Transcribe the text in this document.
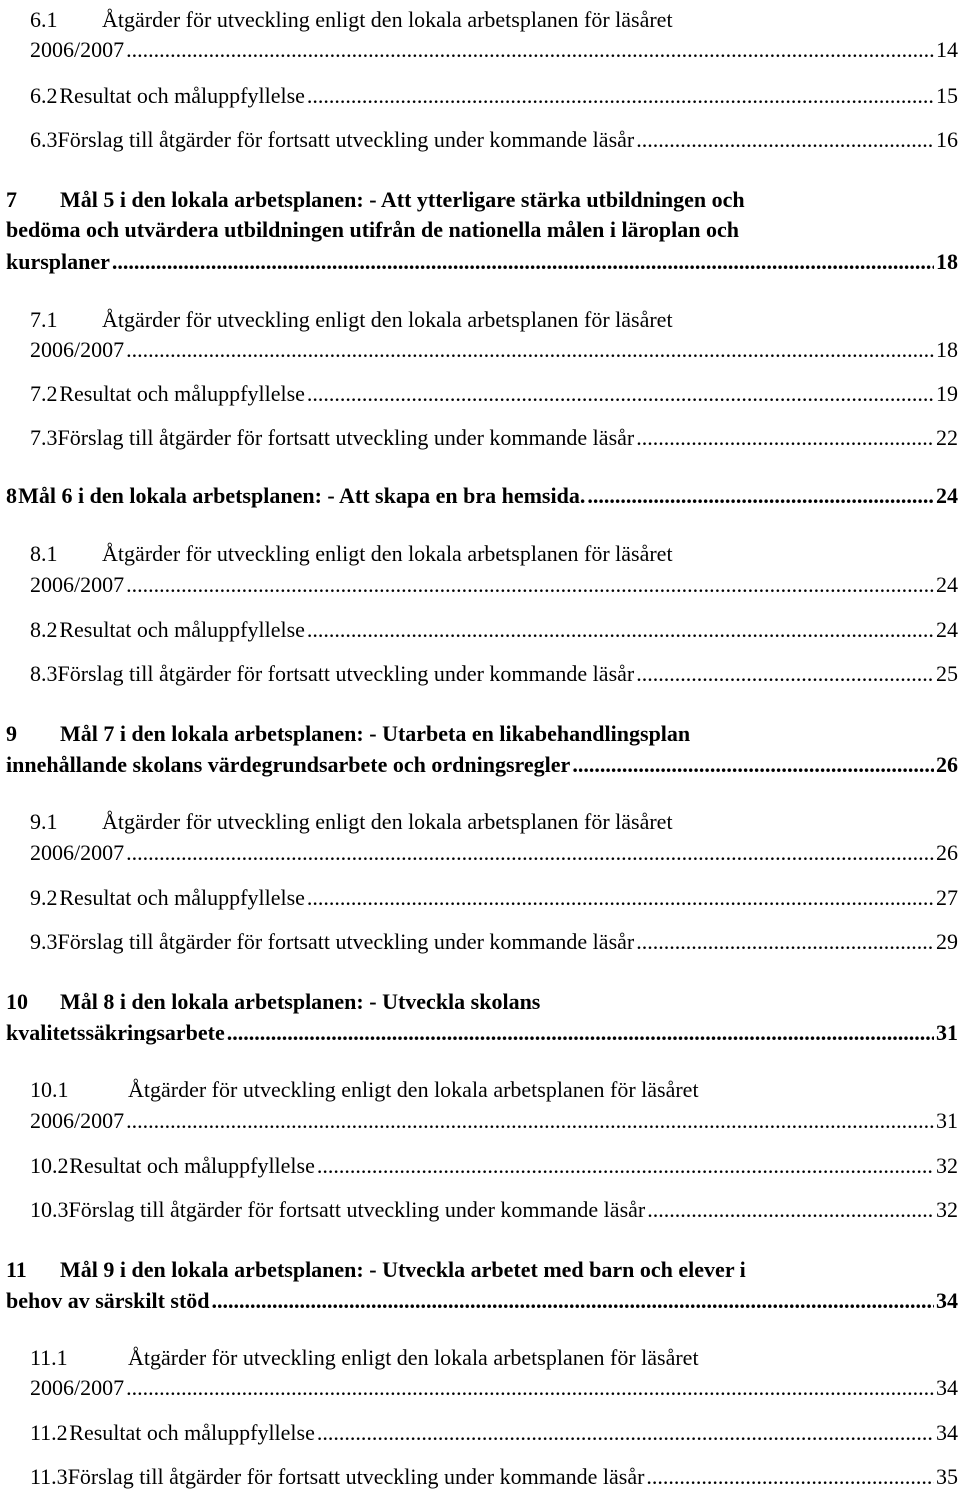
6.1	Åtgärder för utveckling enligt den lokala arbetsplanen för läsåret
2006/2007 .....	14
6.2 Resultat och måluppfyllelse .....	15
6.3 Förslag till åtgärder för fortsatt utveckling under kommande läsår .....	16
7	Mål 5 i den lokala arbetsplanen: - Att ytterligare stärka utbildningen och
bedöma och utvärdera utbildningen utifrån de nationella målen i läroplan och
kursplaner .....	18
7.1	Åtgärder för utveckling enligt den lokala arbetsplanen för läsåret
2006/2007 .....	18
7.2 Resultat och måluppfyllelse .....	19
7.3 Förslag till åtgärder för fortsatt utveckling under kommande läsår .....	22
8 Mål 6 i den lokala arbetsplanen: - Att skapa en bra hemsida. .....	24
8.1	Åtgärder för utveckling enligt den lokala arbetsplanen för läsåret
2006/2007 .....	24
8.2 Resultat och måluppfyllelse .....	24
8.3 Förslag till åtgärder för fortsatt utveckling under kommande läsår .....	25
9	Mål 7 i den lokala arbetsplanen: - Utarbeta en likabehandlingsplan
innehållande skolans värdegrundsarbete och ordningsregler .....	26
9.1	Åtgärder för utveckling enligt den lokala arbetsplanen för läsåret
2006/2007 .....	26
9.2 Resultat och måluppfyllelse .....	27
9.3 Förslag till åtgärder för fortsatt utveckling under kommande läsår .....	29
10	Mål 8 i den lokala arbetsplanen: - Utveckla skolans
kvalitetssäkringsarbete .....	31
10.1	Åtgärder för utveckling enligt den lokala arbetsplanen för läsåret
2006/2007 .....	31
10.2 Resultat och måluppfyllelse .....	32
10.3 Förslag till åtgärder för fortsatt utveckling under kommande läsår .....	32
11	Mål 9 i den lokala arbetsplanen: - Utveckla arbetet med barn och elever i
behov av särskilt stöd .....	34
11.1	Åtgärder för utveckling enligt den lokala arbetsplanen för läsåret
2006/2007 .....	34
11.2 Resultat och måluppfyllelse .....	34
11.3 Förslag till åtgärder för fortsatt utveckling under kommande läsår .....	35
